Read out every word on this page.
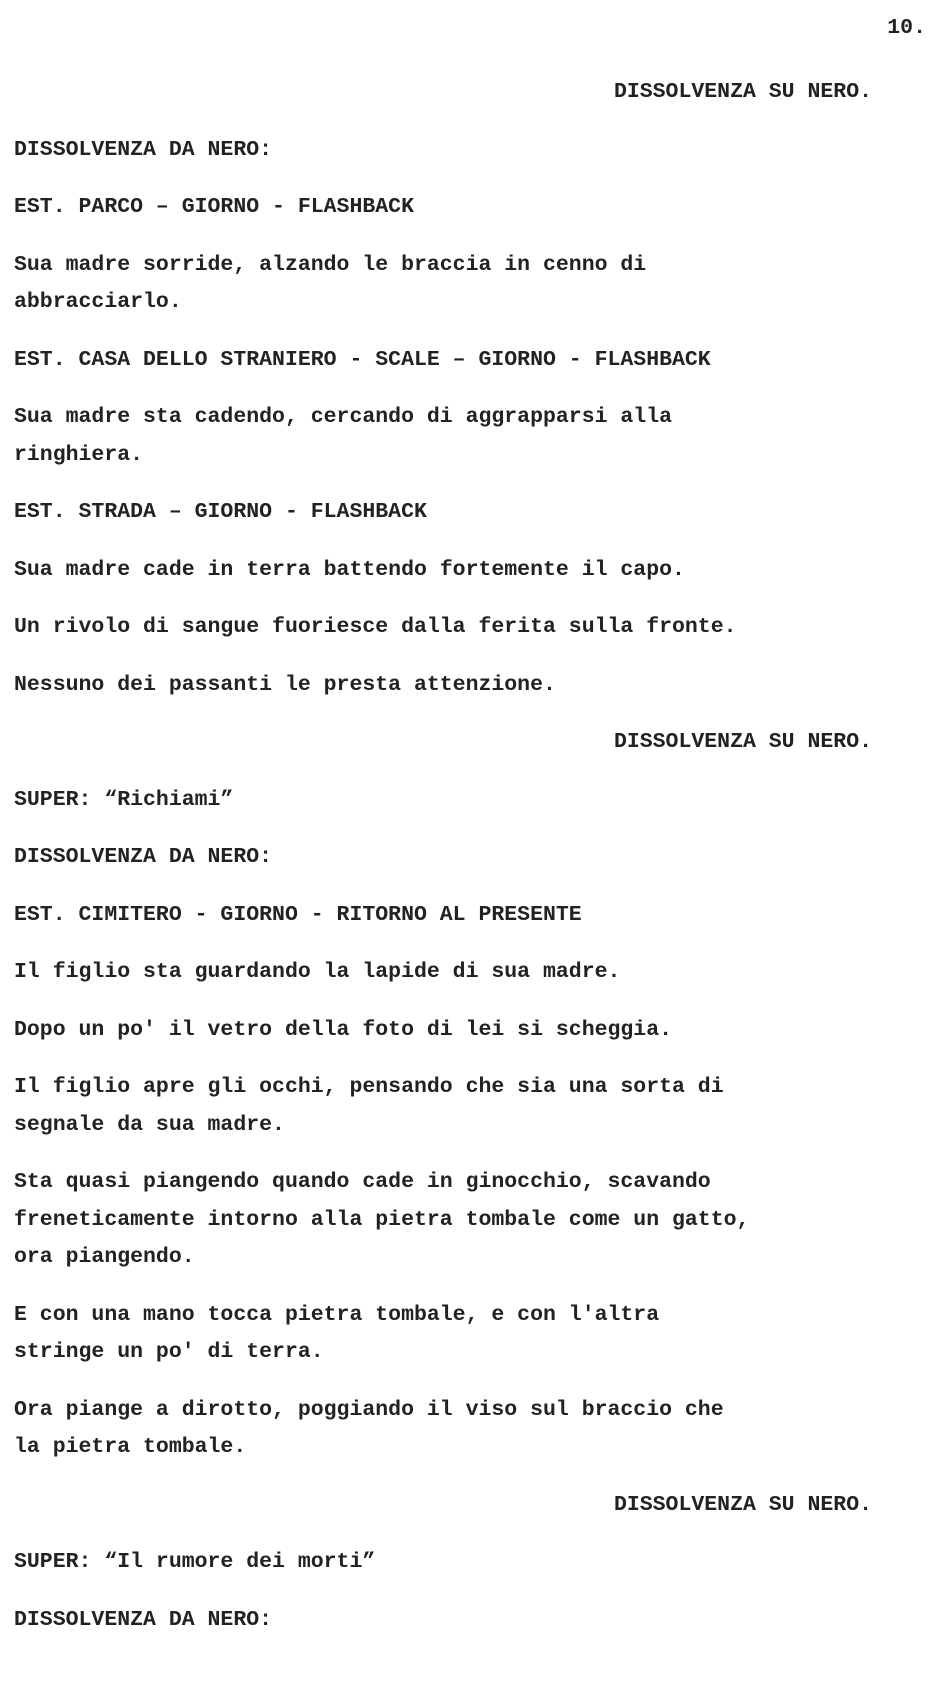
10.

DISSOLVENZA SU NERO.

DISSOLVENZA DA NERO:

EST. PARCO – GIORNO - FLASHBACK

Sua madre sorride, alzando le braccia in cenno di
abbracciarlo.

EST. CASA DELLO STRANIERO - SCALE – GIORNO - FLASHBACK

Sua madre sta cadendo, cercando di aggrapparsi alla
ringhiera.

EST. STRADA – GIORNO - FLASHBACK

Sua madre cade in terra battendo fortemente il capo.

Un rivolo di sangue fuoriesce dalla ferita sulla fronte.

Nessuno dei passanti le presta attenzione.

DISSOLVENZA SU NERO.

SUPER: “Richiami”

DISSOLVENZA DA NERO:

EST. CIMITERO - GIORNO - RITORNO AL PRESENTE

Il figlio sta guardando la lapide di sua madre.

Dopo un po' il vetro della foto di lei si scheggia.

Il figlio apre gli occhi, pensando che sia una sorta di
segnale da sua madre.

Sta quasi piangendo quando cade in ginocchio, scavando
freneticamente intorno alla pietra tombale come un gatto,
ora piangendo.

E con una mano tocca pietra tombale, e con l'altra
stringe un po' di terra.

Ora piange a dirotto, poggiando il viso sul braccio che
la pietra tombale.

DISSOLVENZA SU NERO.

SUPER: “Il rumore dei morti”

DISSOLVENZA DA NERO:
